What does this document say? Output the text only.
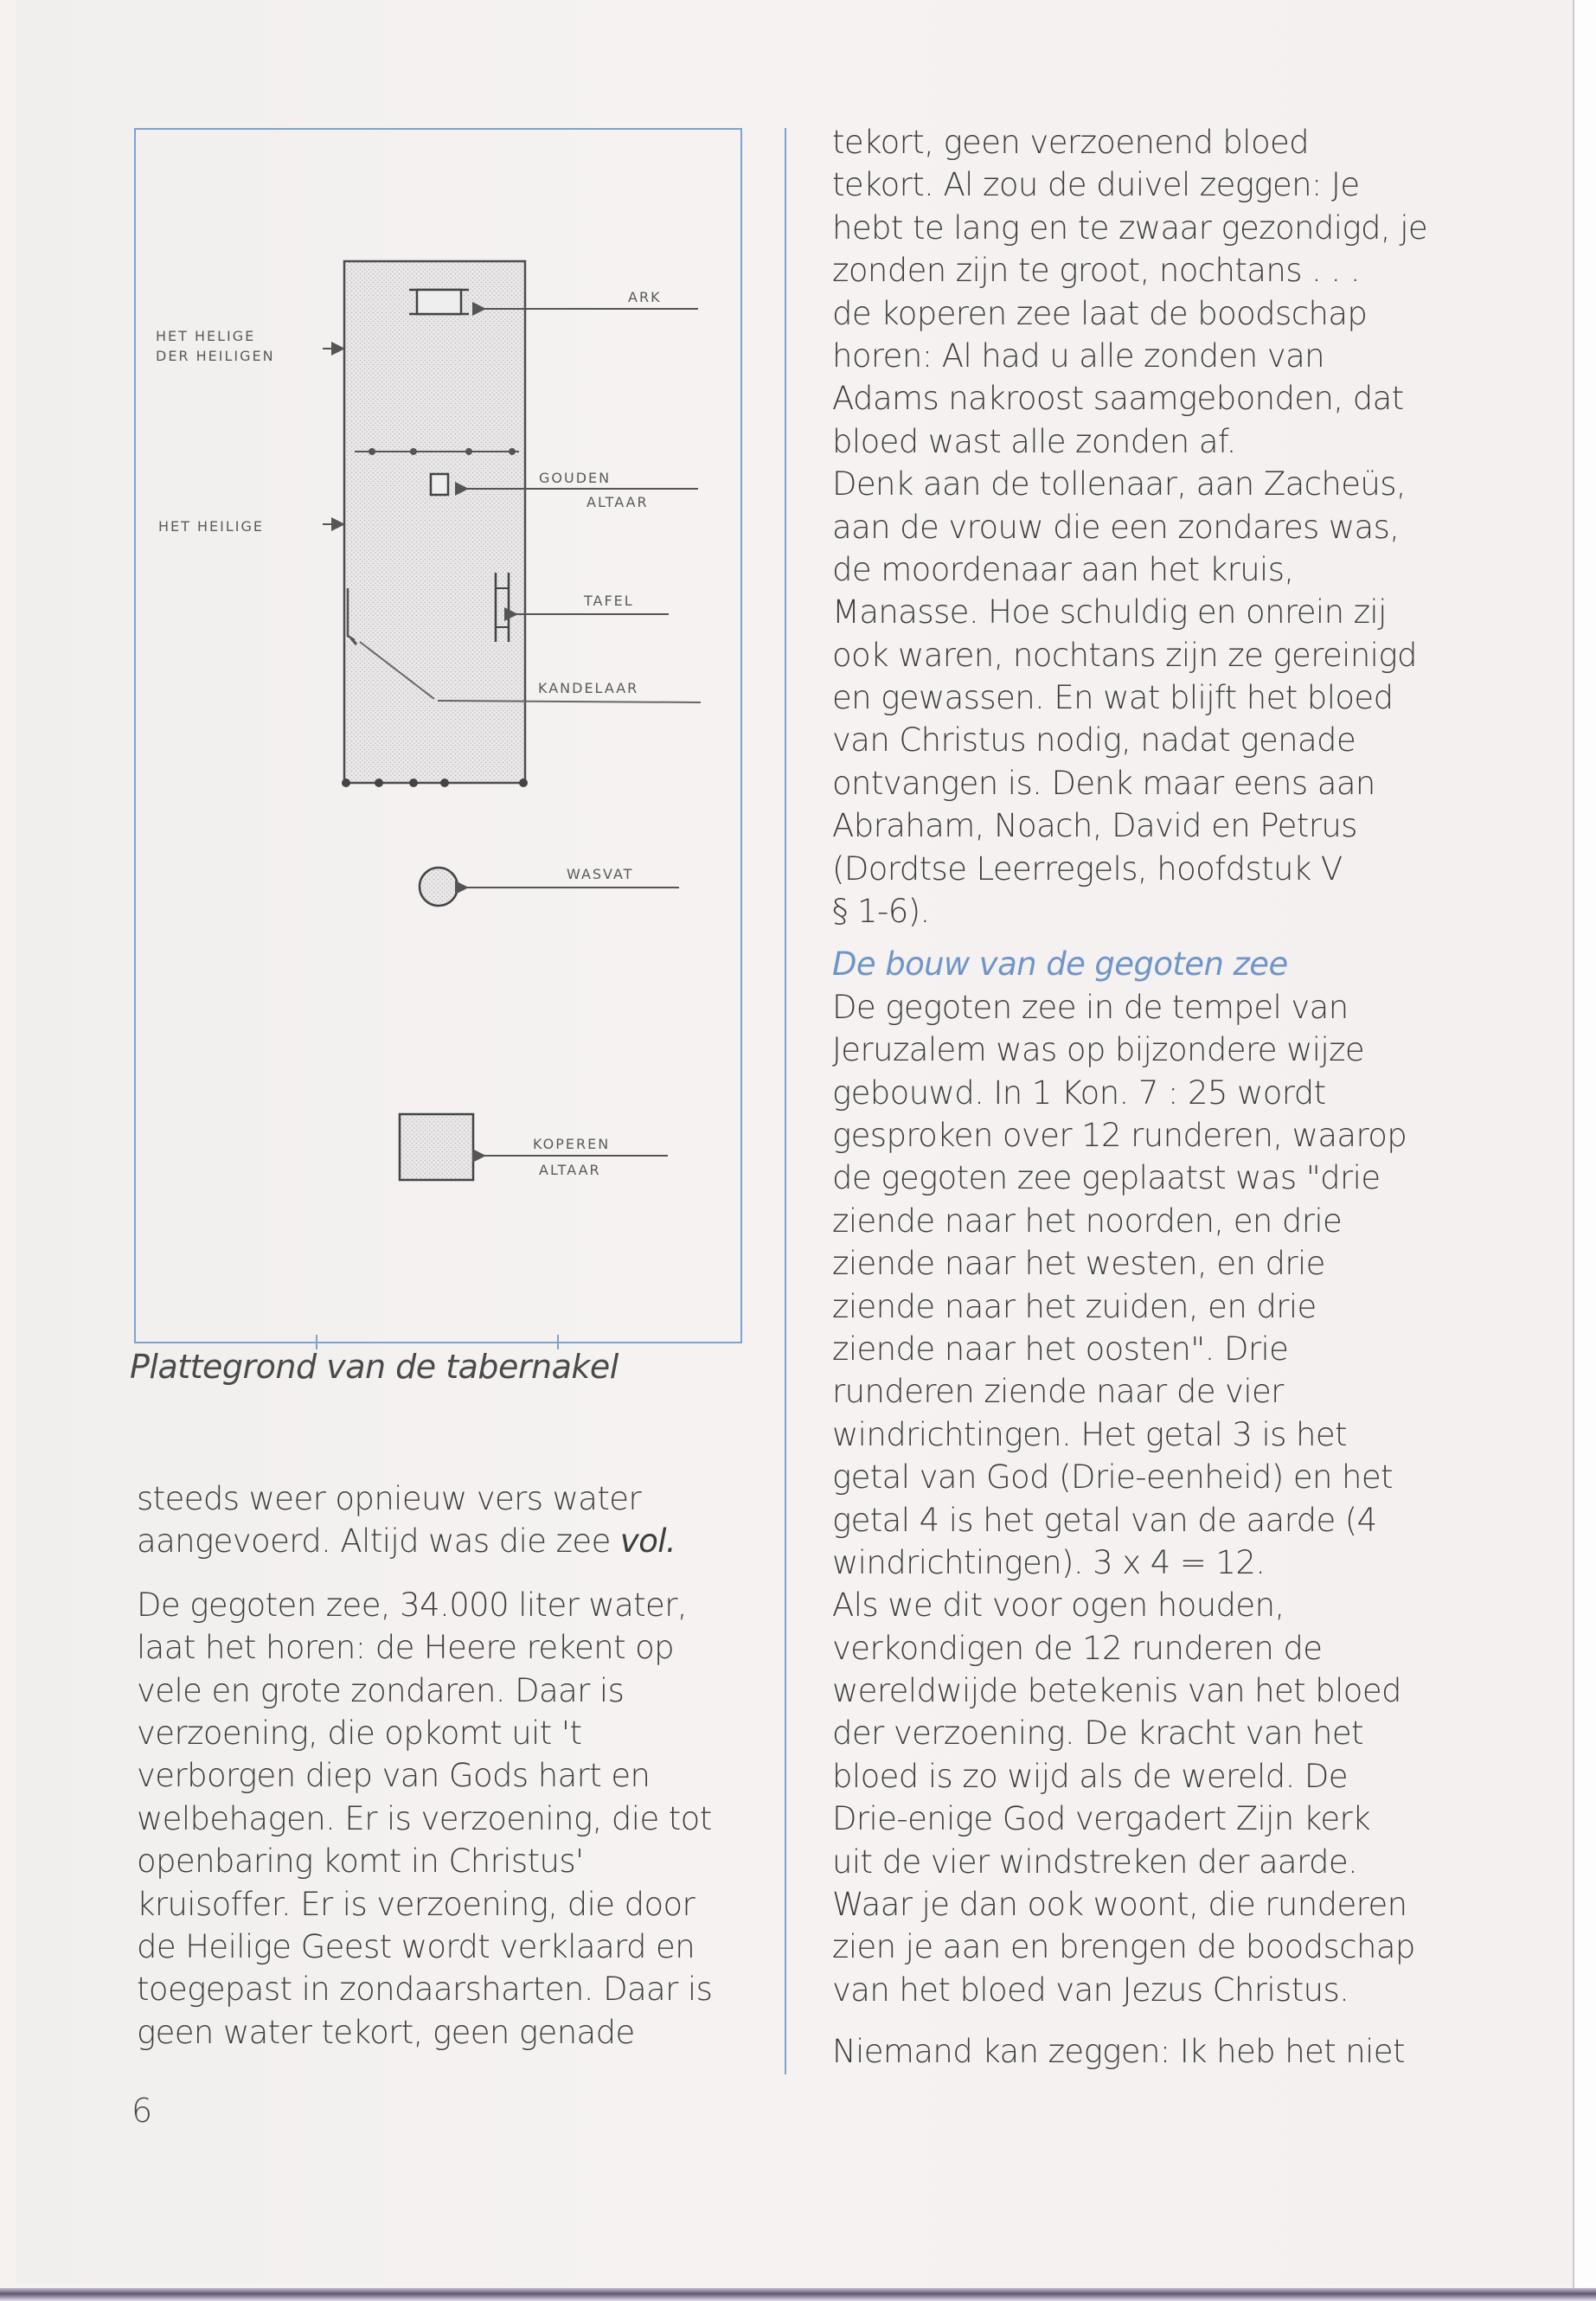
ARK
GOUDEN
ALTAAR
TAFEL
KANDELAAR
WASVAT
KOPEREN
ALTAAR
HET HELIGE
DER HEILIGEN
HET HEILIGE
Plattegrond van de tabernakel
steeds weer opnieuw vers water
aangevoerd. Altijd was die zee vol.
De gegoten zee, 34.000 liter water,
laat het horen: de Heere rekent op
vele en grote zondaren. Daar is
verzoening, die opkomt uit 't
verborgen diep van Gods hart en
welbehagen. Er is verzoening, die tot
openbaring komt in Christus'
kruisoffer. Er is verzoening, die door
de Heilige Geest wordt verklaard en
toegepast in zondaarsharten. Daar is
geen water tekort, geen genade
tekort, geen verzoenend bloed
tekort. Al zou de duivel zeggen: Je
hebt te lang en te zwaar gezondigd, je
zonden zijn te groot, nochtans . . .
de koperen zee laat de boodschap
horen: Al had u alle zonden van
Adams nakroost saamgebonden, dat
bloed wast alle zonden af.
Denk aan de tollenaar, aan Zacheüs,
aan de vrouw die een zondares was,
de moordenaar aan het kruis,
Manasse. Hoe schuldig en onrein zij
ook waren, nochtans zijn ze gereinigd
en gewassen. En wat blijft het bloed
van Christus nodig, nadat genade
ontvangen is. Denk maar eens aan
Abraham, Noach, David en Petrus
(Dordtse Leerregels, hoofdstuk V
§ 1-6).
De bouw van de gegoten zee
De gegoten zee in de tempel van
Jeruzalem was op bijzondere wijze
gebouwd. In 1 Kon. 7 : 25 wordt
gesproken over 12 runderen, waarop
de gegoten zee geplaatst was "drie
ziende naar het noorden, en drie
ziende naar het westen, en drie
ziende naar het zuiden, en drie
ziende naar het oosten". Drie
runderen ziende naar de vier
windrichtingen. Het getal 3 is het
getal van God (Drie-eenheid) en het
getal 4 is het getal van de aarde (4
windrichtingen). 3 x 4 = 12.
Als we dit voor ogen houden,
verkondigen de 12 runderen de
wereldwijde betekenis van het bloed
der verzoening. De kracht van het
bloed is zo wijd als de wereld. De
Drie-enige God vergadert Zijn kerk
uit de vier windstreken der aarde.
Waar je dan ook woont, die runderen
zien je aan en brengen de boodschap
van het bloed van Jezus Christus.
Niemand kan zeggen: Ik heb het niet
6
